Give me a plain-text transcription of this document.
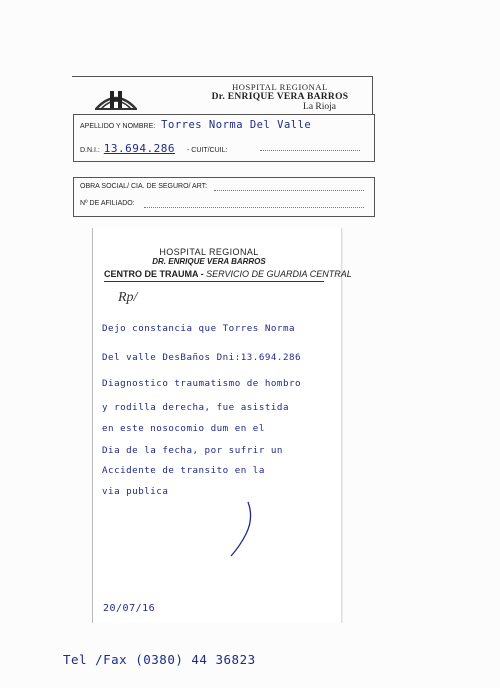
HOSPITAL REGIONAL
Dr. ENRIQUE VERA BARROS
La Rioja
APELLIDO Y NOMBRE: Torres Norma Del Valle
D.N.I.: 13.694.286 - CUIT/CUIL:
OBRA SOCIAL/ CIA. DE SEGURO/ ART:
Nº DE AFILIADO:
HOSPITAL REGIONAL
DR. ENRIQUE VERA BARROS
CENTRO DE TRAUMA - SERVICIO DE GUARDIA CENTRAL
Rp/
Dejo constancia que Torres Norma
Del valle DesBaños Dni:13.694.286
Diagnostico traumatismo de hombro
y rodilla derecha, fue asistida
en este nosocomio dum en el
Dia de la fecha, por sufrir un
Accidente de transito en la
via publica
20/07/16
Tel /Fax (0380) 44 36823
